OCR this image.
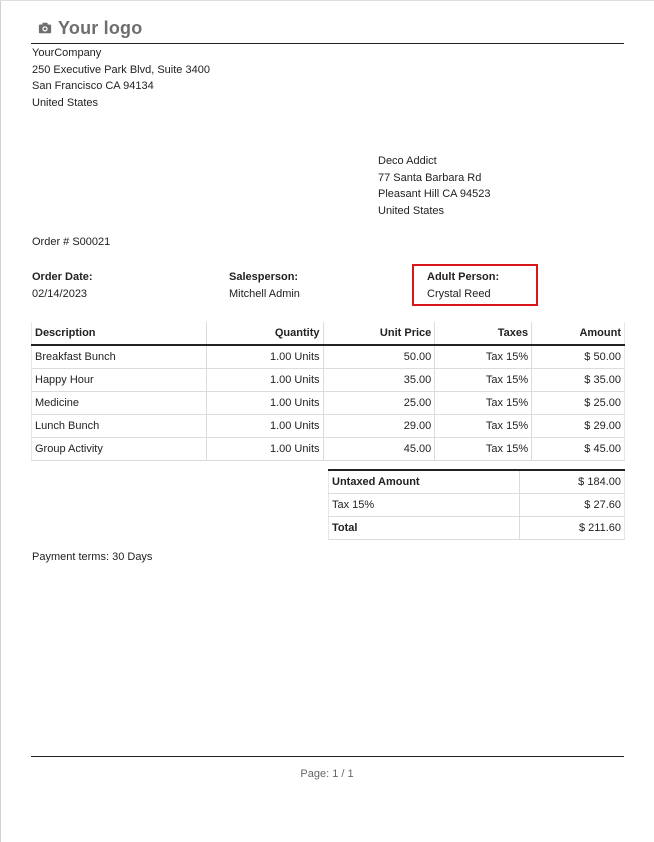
Your logo
YourCompany
250 Executive Park Blvd, Suite 3400
San Francisco CA 94134
United States
Deco Addict
77 Santa Barbara Rd
Pleasant Hill CA 94523
United States
Order # S00021
Order Date:
02/14/2023
Salesperson:
Mitchell Admin
Adult Person:
Crystal Reed
Description	Quantity	Unit Price	Taxes	Amount
Breakfast Bunch	1.00 Units	50.00	Tax 15%	$ 50.00
Happy Hour	1.00 Units	35.00	Tax 15%	$ 35.00
Medicine	1.00 Units	25.00	Tax 15%	$ 25.00
Lunch Bunch	1.00 Units	29.00	Tax 15%	$ 29.00
Group Activity	1.00 Units	45.00	Tax 15%	$ 45.00
Untaxed Amount	$ 184.00
Tax 15%	$ 27.60
Total	$ 211.60
Payment terms: 30 Days
Page: 1 / 1
